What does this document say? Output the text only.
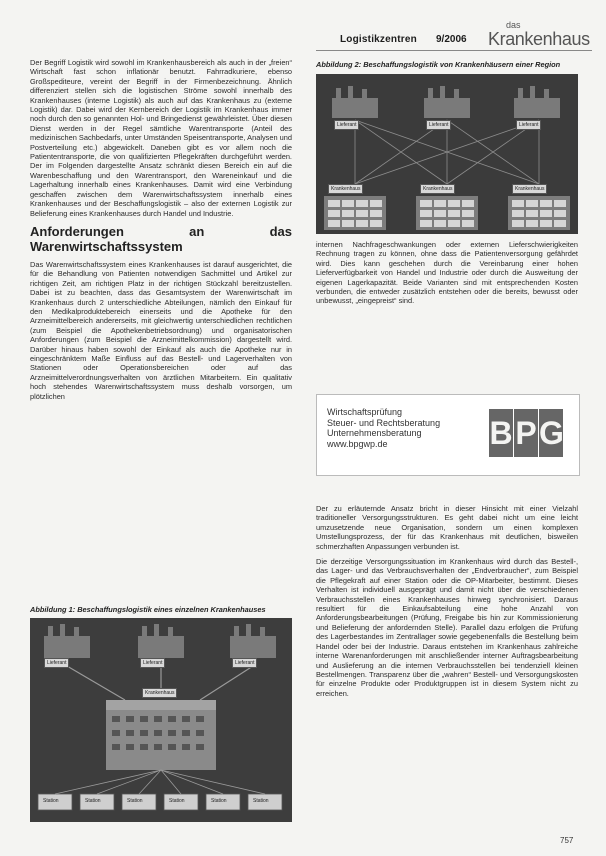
Logistikzentren 9/2006
das
Krankenhaus

Der Begriff Logistik wird sowohl im Krankenhausbereich als auch in der „freien“ Wirtschaft fast schon inflationär benutzt. Fahrradkuriere, ebenso Großspediteure, vereint der Begriff in der Firmenbezeichnung. Ähnlich differenziert stellen sich die logistischen Ströme sowohl innerhalb des Krankenhauses (interne Logistik) als auch auf das Krankenhaus zu (externe Logistik) dar. Dabei wird der Kernbereich der Logistik im Krankenhaus immer noch durch den so genannten Hol- und Bringedienst gewährleistet. Über diesen Dienst werden in der Regel sämtliche Warentransporte (Anteil des medizinischen Sachbedarfs, unter Umständen Speisentransporte, Analysen und Postverteilung etc.) abgewickelt. Daneben gibt es vor allem noch die Patiententransporte, die von qualifizierten Pflegekräften durchgeführt werden. Der im Folgenden dargestellte Ansatz schränkt diesen Bereich ein auf die Warenbeschaffung und den Warentransport, den Wareneinkauf und die Lagerhaltung innerhalb eines Krankenhauses. Damit wird eine Verbindung geschaffen zwischen dem Warenwirtschaftssystem innerhalb eines Krankenhauses und der Beschaffungslogistik – also der externen Logistik zur Belieferung eines Krankenhauses durch Handel und Industrie.

Anforderungen an das Warenwirtschaftssystem

Das Warenwirtschaftssystem eines Krankenhauses ist darauf ausgerichtet, die für die Behandlung von Patienten notwendigen Sachmittel und Artikel zur richtigen Zeit, am richtigen Platz in der richtigen Stückzahl bereitzustellen. Dabei ist zu beachten, dass das Gesamtsystem der Warenwirtschaft im Krankenhaus durch 2 unterschiedliche Abteilungen, nämlich den Einkauf für den Medikalproduktebereich einerseits und die Apotheke für den Arzneimittelbereich andererseits, mit gleichwertig unterschiedlichen rechtlichen (zum Beispiel die Apothekenbetriebsordnung) und organisatorischen Anforderungen (zum Beispiel die Arzneimittelkommission) dargestellt wird. Darüber hinaus haben sowohl der Einkauf als auch die Apotheke nur in eingeschränktem Maße Einfluss auf das Bestell- und Lagerverhalten von Stationen oder Operationsbereichen oder auf das Arzneimittelverordnungsverhalten von ärztlichen Mitarbeitern. Ein qualitativ hoch stehendes Warenwirtschaftssystem muss deshalb vorsorgen, um plötzlichen

Abbildung 1: Beschaffungslogistik eines einzelnen Krankenhauses
Lieferant	Lieferant	Lieferant
Krankenhaus
Station	Station	Station	Station	Station	Station
Abbildung 2: Beschaffungslogistik von Krankenhäusern einer Region
Lieferant	Lieferant	Lieferant
Krankenhaus	Krankenhaus	Krankenhaus

internen Nachfrageschwankungen oder externen Lieferschwierigkeiten Rechnung tragen zu können, ohne dass die Patientenversorgung gefährdet wird. Dies kann geschehen durch die Vereinbarung einer hohen Lieferverfügbarkeit von Handel und Industrie oder durch die Ausweitung der eigenen Lagerkapazität. Beide Varianten sind mit entsprechenden Kosten verbunden, die entweder zusätzlich entstehen oder die bereits, bewusst oder unbewusst, „eingepreist“ sind.

Wirtschaftsprüfung
Steuer- und Rechtsberatung
Unternehmensberatung
www.bpgwp.de	BPG

Der zu erläuternde Ansatz bricht in dieser Hinsicht mit einer Vielzahl traditioneller Versorgungsstrukturen. Es geht dabei nicht um eine leicht umzusetzende neue Organisation, sondern um einen komplexen Umstellungsprozess, der für das Krankenhaus mit deutlichen, bisweilen schmerzhaften Anpassungen verbunden ist.

Die derzeitige Versorgungssituation im Krankenhaus wird durch das Bestell-, das Lager- und das Verbrauchsverhalten der „Endverbraucher“, zum Beispiel die Pflegekraft auf einer Station oder die OP-Mitarbeiter, bestimmt. Dieses Verhalten ist individuell ausgeprägt und damit nicht über die verschiedenen Verbrauchsstellen eines Krankenhauses hinweg synchronisiert. Daraus resultiert für die Einkaufsabteilung eine hohe Anzahl von Anforderungsbearbeitungen (Prüfung, Freigabe bis hin zur Kommissionierung und Belieferung der anfordernden Stelle). Parallel dazu erfolgen die Prüfung des Lagerbestandes im Zentrallager sowie gegebenenfalls die Bestellung beim Handel oder bei der Industrie. Daraus entstehen im Krankenhaus zahlreiche interne Warenanforderungen mit anschließender interner Auftragsbearbeitung und Auslieferung an die internen Verbrauchsstellen bei tendenziell kleinen Bestellmengen. Transparenz über die „wahren“ Bestell- und Versorgungskosten für einzelne Produkte oder Produktgruppen ist in diesem System nicht zu erreichen.

757
